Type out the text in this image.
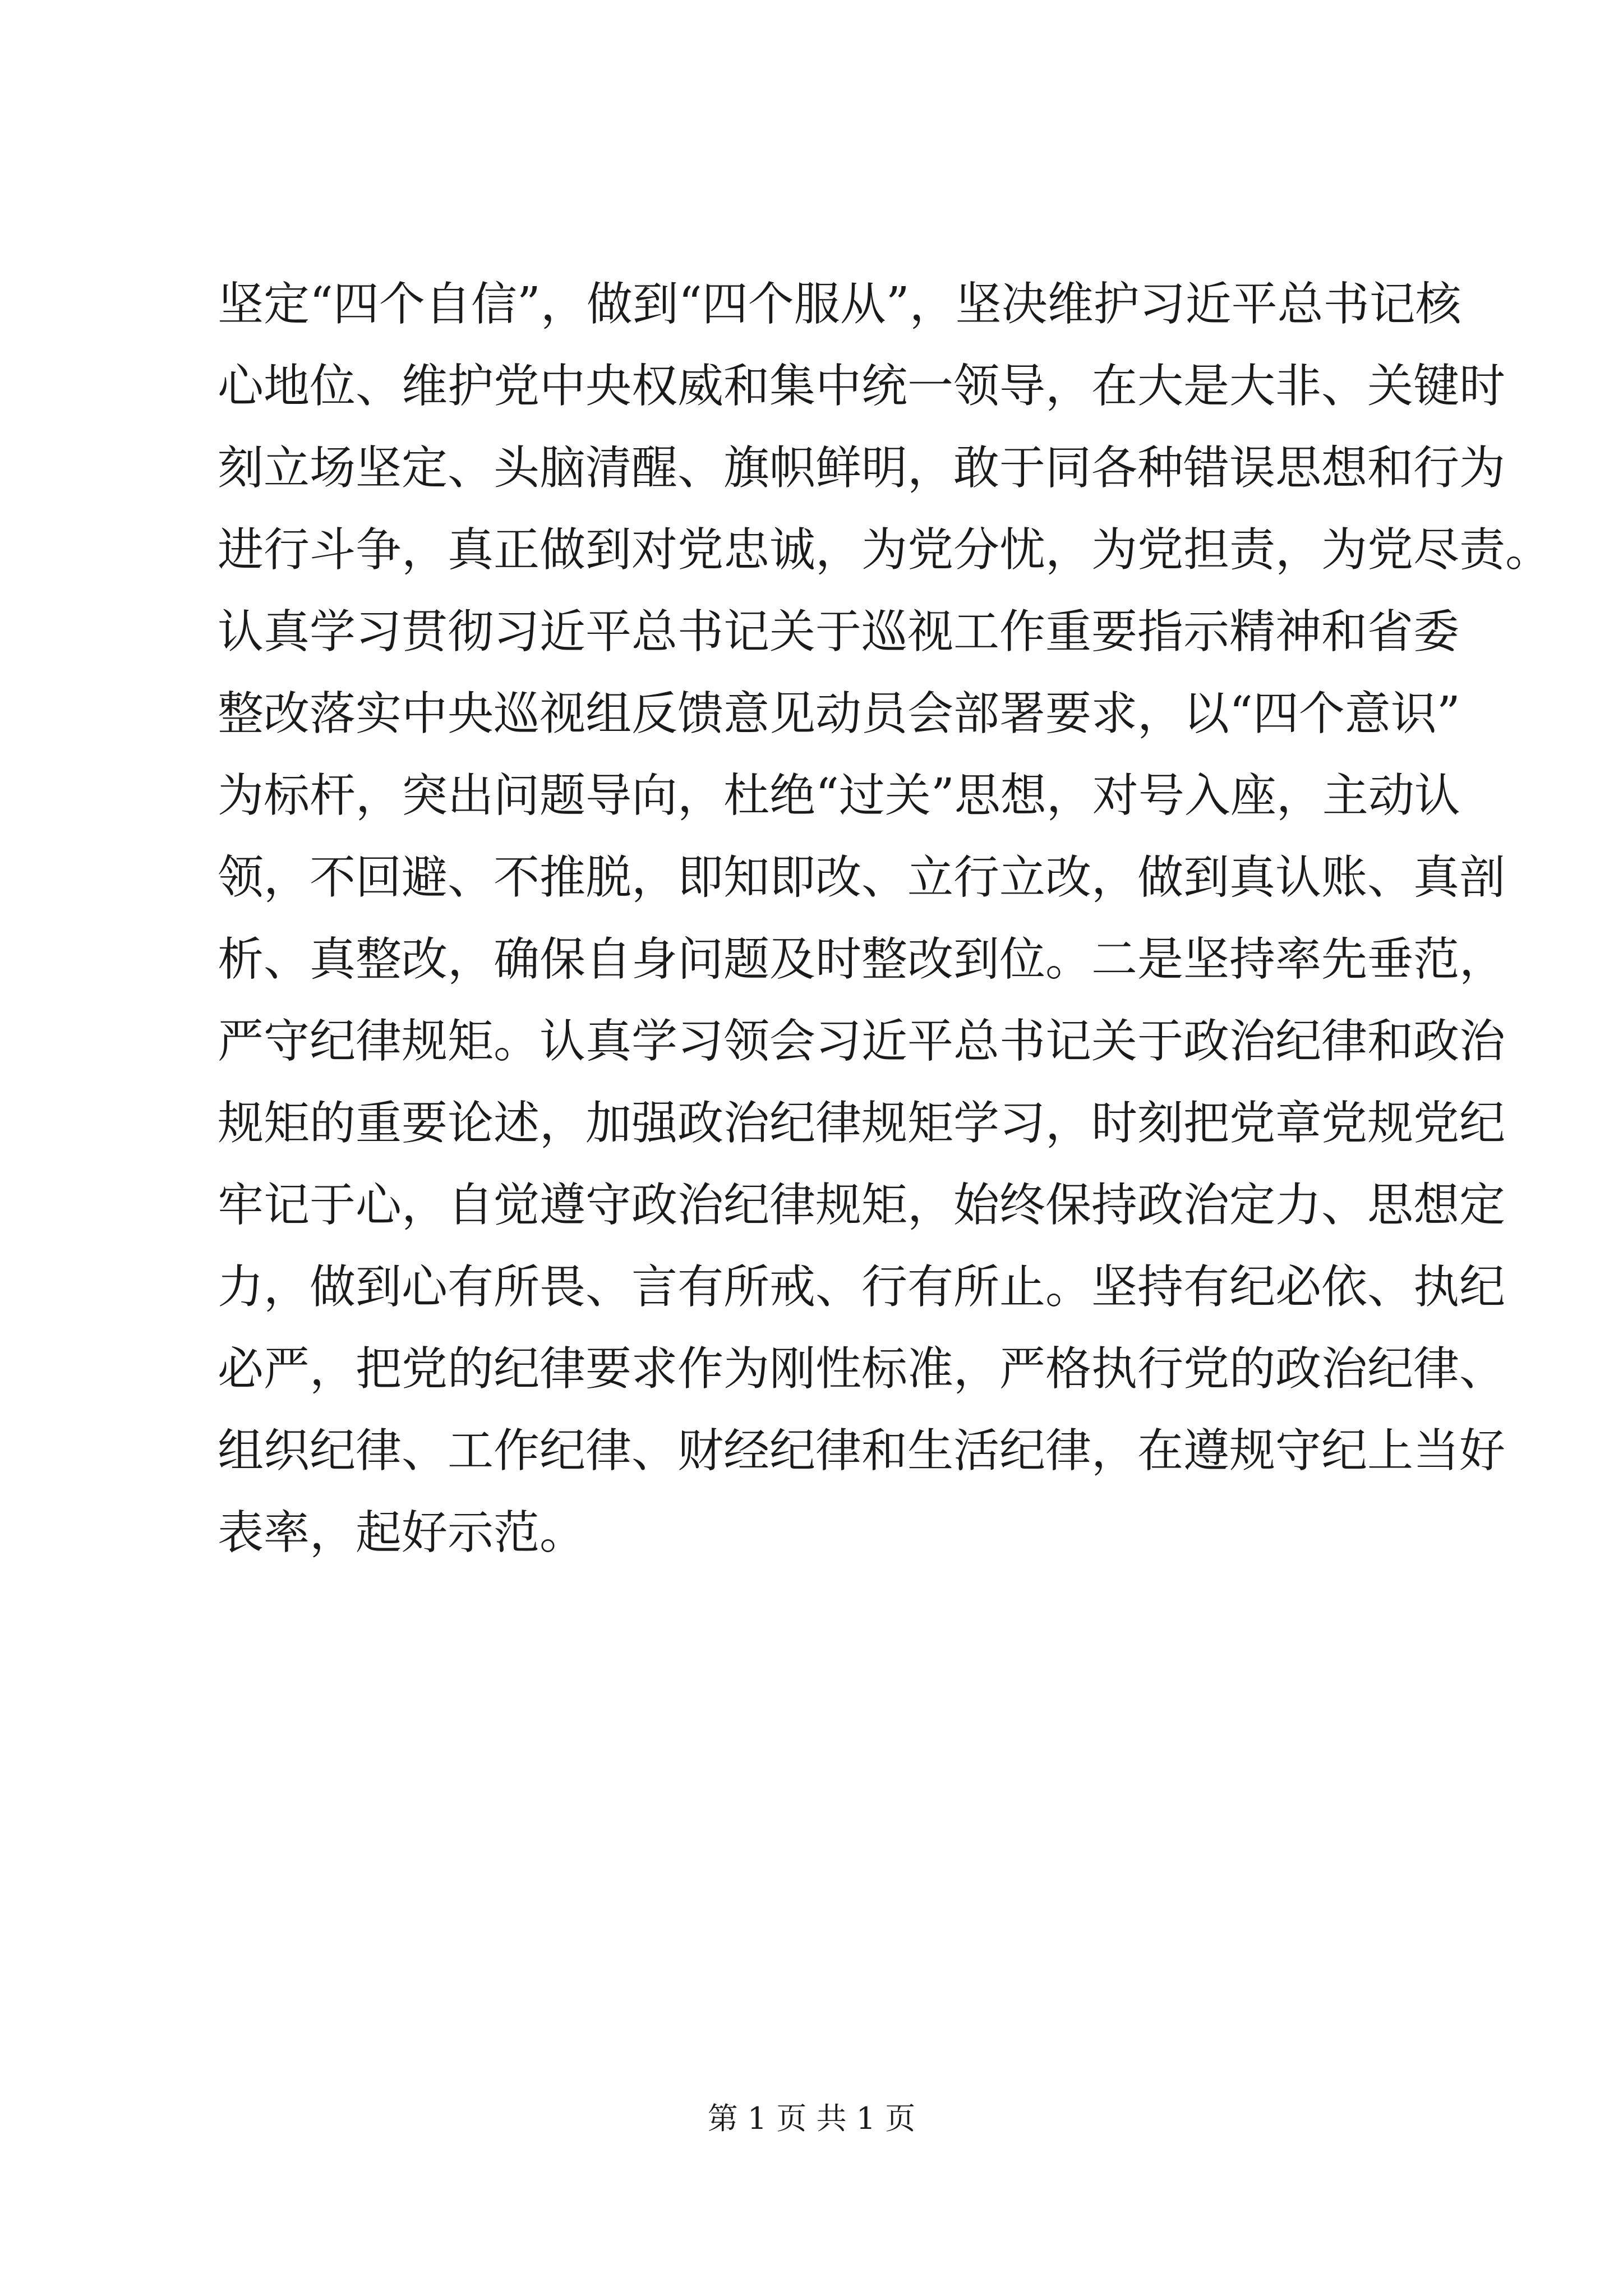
坚定“四个自信”，做到“四个服从”，坚决维护习近平总书记核
心地位、维护党中央权威和集中统一领导，在大是大非、关键时
刻立场坚定、头脑清醒、旗帜鲜明，敢于同各种错误思想和行为
进行斗争，真正做到对党忠诚，为党分忧，为党担责，为党尽责。
认真学习贯彻习近平总书记关于巡视工作重要指示精神和省委
整改落实中央巡视组反馈意见动员会部署要求，以“四个意识”
为标杆，突出问题导向，杜绝“过关”思想，对号入座，主动认
领，不回避、不推脱，即知即改、立行立改，做到真认账、真剖
析、真整改，确保自身问题及时整改到位。二是坚持率先垂范，
严守纪律规矩。认真学习领会习近平总书记关于政治纪律和政治
规矩的重要论述，加强政治纪律规矩学习，时刻把党章党规党纪
牢记于心，自觉遵守政治纪律规矩，始终保持政治定力、思想定
力，做到心有所畏、言有所戒、行有所止。坚持有纪必依、执纪
必严，把党的纪律要求作为刚性标准，严格执行党的政治纪律、
组织纪律、工作纪律、财经纪律和生活纪律，在遵规守纪上当好
表率，起好示范。
第 1 页 共 1 页
